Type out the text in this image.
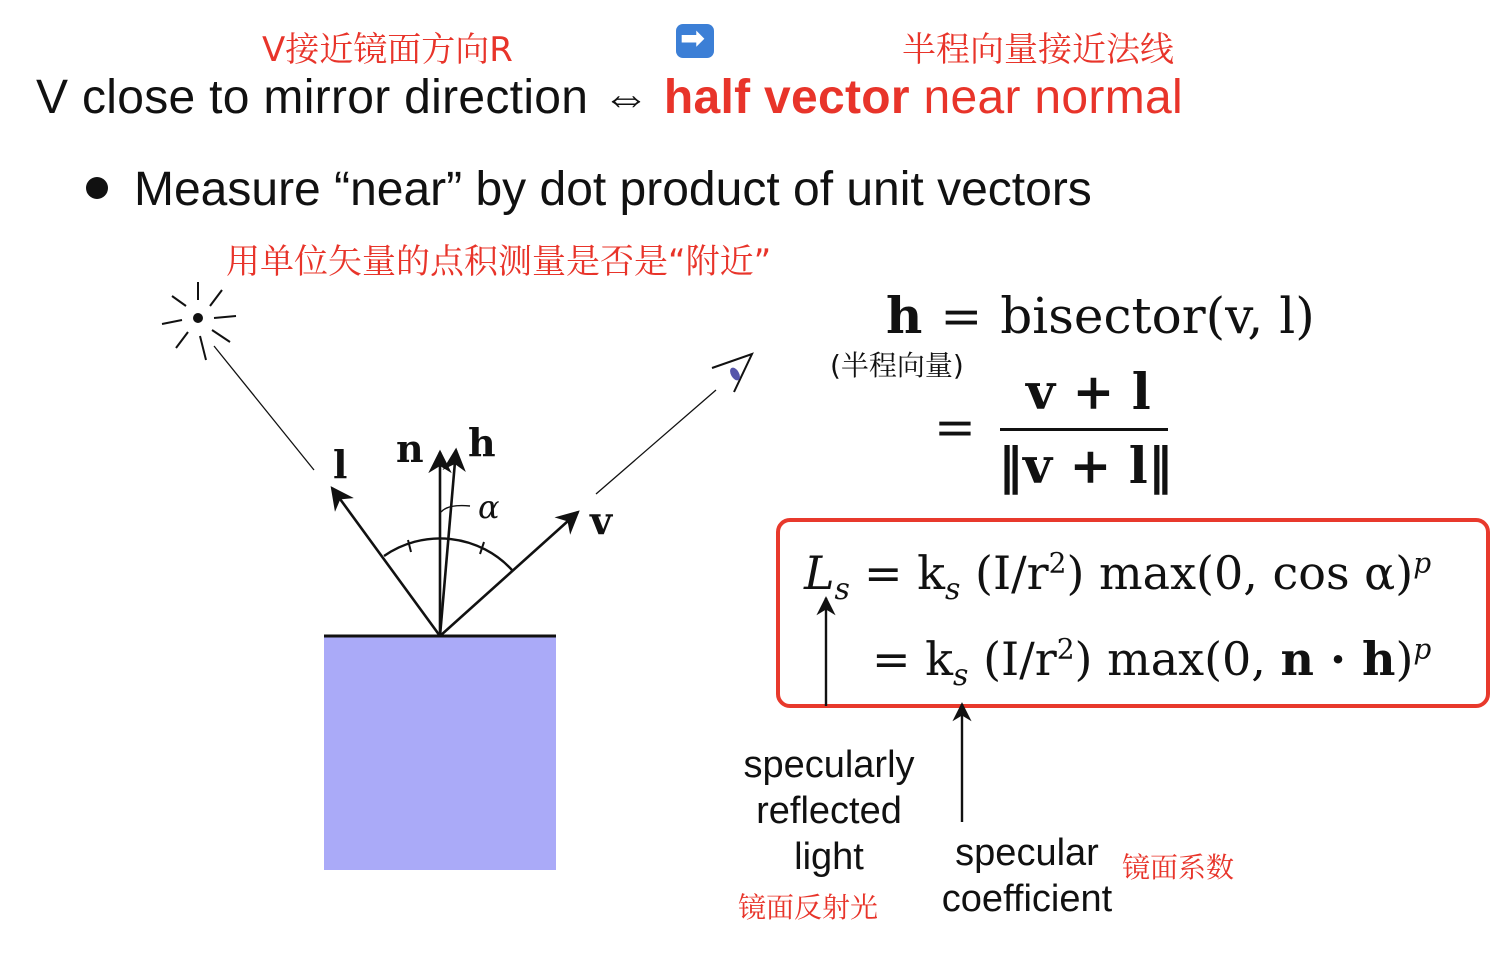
V接近镜面方向R	➡	半程向量接近法线
V close to mirror direction ⇔ half vector near normal
Measure “near” by dot product of unit vectors
用单位矢量的点积测量是否是“附近”
l n h
α v
h = bisector(v, l)
(半程向量)
=
v + l
‖v + l‖
$L_s = k_s$ $(I/r^2)$ max(0, cos α)$^p$
= $k_s$ $(I/r^2)$ max(0, n · h)$^p$
specularly
reflected
light
镜面反射光
specular
coefficient
镜面系数
